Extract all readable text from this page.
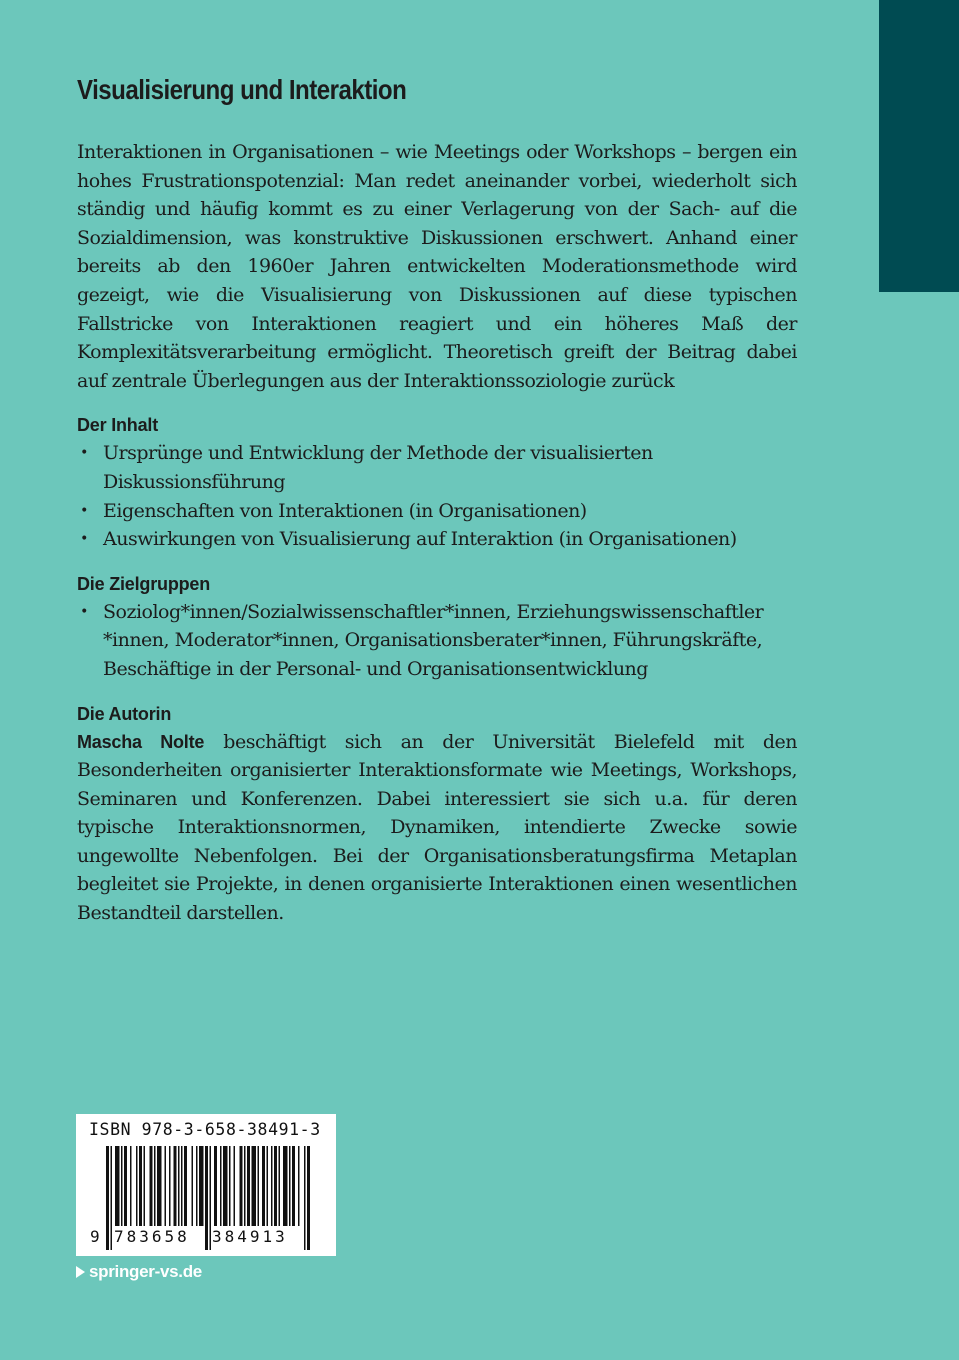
Visualisierung und Interaktion

Interaktionen in Organisationen – wie Meetings oder Workshops – bergen ein hohes Frustrationspotenzial: Man redet aneinander vorbei, wiederholt sich ständig und häufig kommt es zu einer Verlagerung von der Sach- auf die Sozialdimension, was konstruktive Diskussionen erschwert. Anhand einer bereits ab den 1960er Jahren entwickelten Moderationsmethode wird gezeigt, wie die Visualisierung von Diskussionen auf diese typischen Fallstricke von Interaktionen reagiert und ein höheres Maß der Komplexitätsverarbeitung ermöglicht. Theoretisch greift der Beitrag dabei auf zentrale Überlegungen aus der Interaktionssoziologie zurück

Der Inhalt
• Ursprünge und Entwicklung der Methode der visualisierten Diskussionsführung
• Eigenschaften von Interaktionen (in Organisationen)
• Auswirkungen von Visualisierung auf Interaktion (in Organisationen)
Die Zielgruppen
• Soziolog*innen/Sozialwissenschaftler*innen, Erziehungswissenschaftler *innen, Moderator*innen, Organisationsberater*innen, Führungskräfte, Beschäftige in der Personal- und Organisationsentwicklung
Die Autorin

Mascha Nolte beschäftigt sich an der Universität Bielefeld mit den Besonderheiten organisierter Interaktionsformate wie Meetings, Workshops, Seminaren und Konferenzen. Dabei interessiert sie sich u.a. für deren typische Interaktionsnormen, Dynamiken, intendierte Zwecke sowie ungewollte Nebenfolgen. Bei der Organisationsberatungsfirma Metaplan begleitet sie Projekte, in denen organisierte Interaktionen einen wesentlichen Bestandteil darstellen.

ISBN 978-3-658-38491-3
9 783658 384913
springer-vs.de
